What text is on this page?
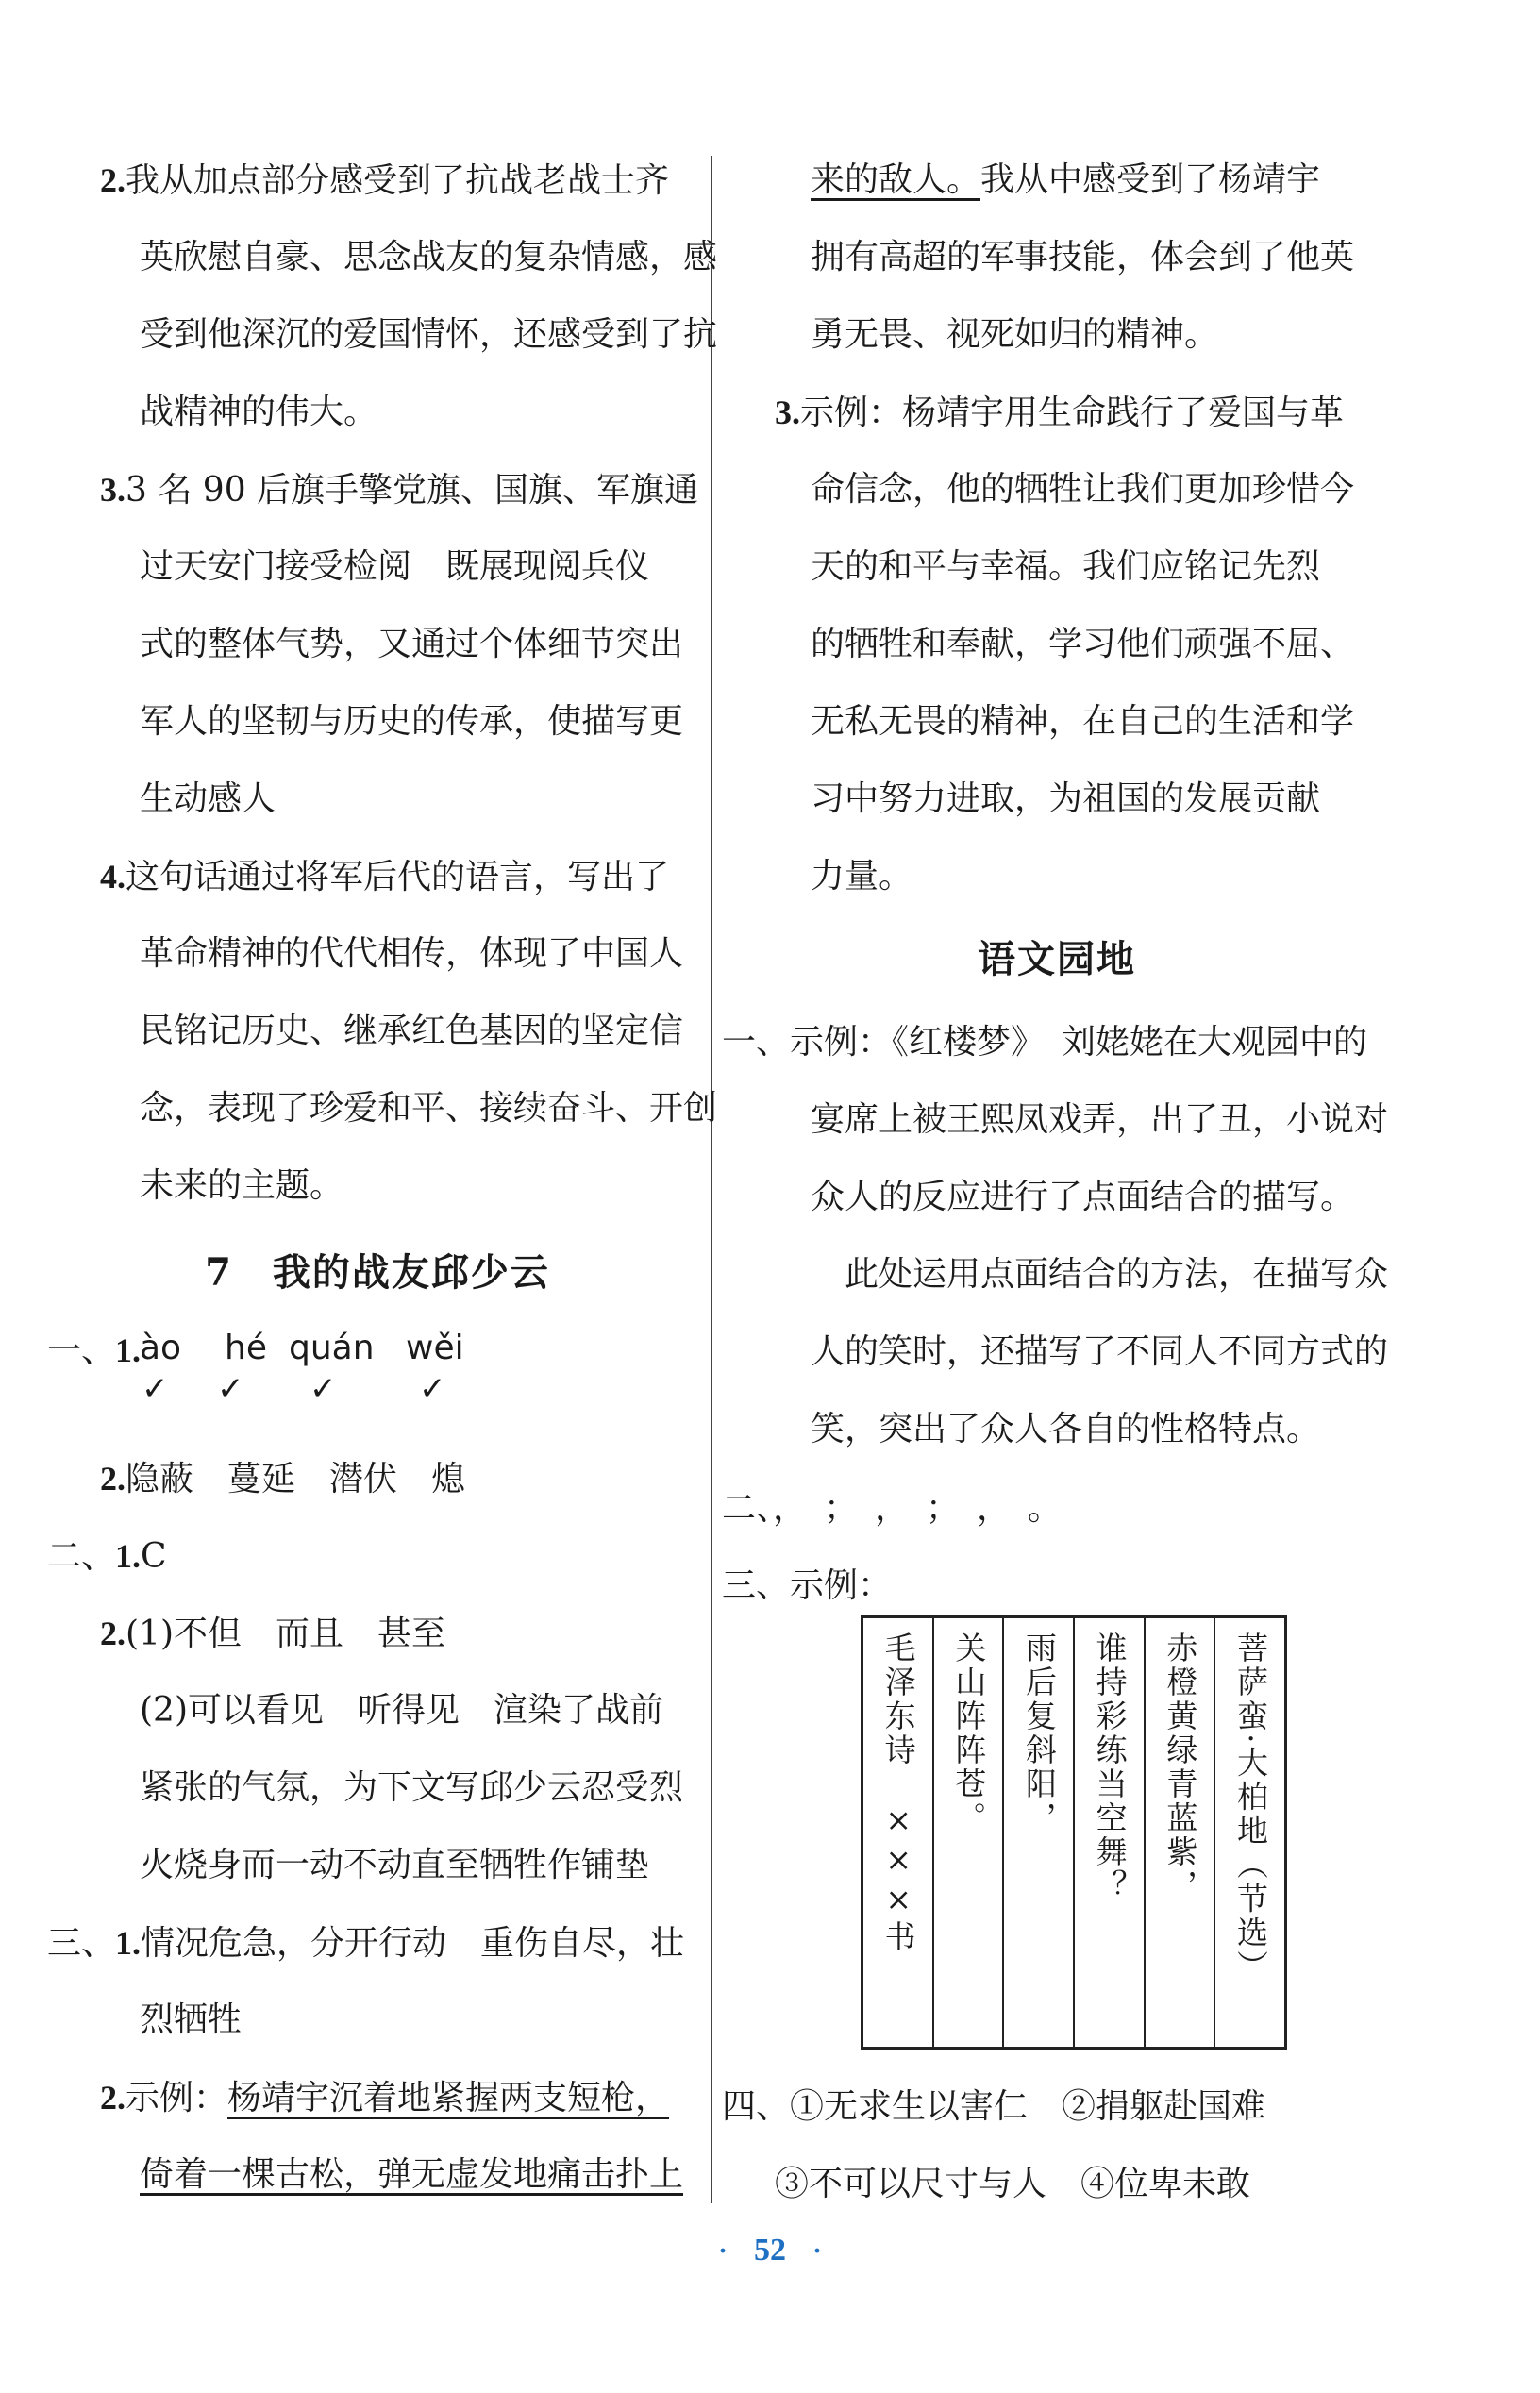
2.我从加点部分感受到了抗战老战士齐
英欣慰自豪、思念战友的复杂情感，感
受到他深沉的爱国情怀，还感受到了抗
战精神的伟大。
3.3 名 90 后旗手擎党旗、国旗、军旗通
过天安门接受检阅　既展现阅兵仪
式的整体气势，又通过个体细节突出
军人的坚韧与历史的传承，使描写更
生动感人
4.这句话通过将军后代的语言，写出了
革命精神的代代相传，体现了中国人
民铭记历史、继承红色基因的坚定信
念，表现了珍爱和平、接续奋斗、开创
未来的主题。
7　我的战友邱少云
一、1.
ào hé quán wěi
✓ ✓ ✓	✓
2.隐蔽　蔓延　潜伏　熄
二、1.C
2.(1)不但　而且　甚至
(2)可以看见　听得见　渲染了战前
紧张的气氛，为下文写邱少云忍受烈
火烧身而一动不动直至牺牲作铺垫
三、1.情况危急，分开行动　重伤自尽，壮
烈牺牲
2.示例：杨靖宇沉着地紧握两支短枪，
倚着一棵古松，弹无虚发地痛击扑上
来的敌人。我从中感受到了杨靖宇
拥有高超的军事技能，体会到了他英
勇无畏、视死如归的精神。
3.示例：杨靖宇用生命践行了爱国与革
命信念，他的牺牲让我们更加珍惜今
天的和平与幸福。我们应铭记先烈
的牺牲和奉献，学习他们顽强不屈、
无私无畏的精神，在自己的生活和学
习中努力进取，为祖国的发展贡献
力量。
语文园地
一、示例：《红楼梦》　刘姥姥在大观园中的
宴席上被王熙凤戏弄，出了丑，小说对
众人的反应进行了点面结合的描写。
此处运用点面结合的方法，在描写众
人的笑时，还描写了不同人不同方式的
笑，突出了众人各自的性格特点。
二、，　；　，　；　，　。
三、示例：
四、①无求生以害仁　②捐躯赴国难
③不可以尺寸与人　④位卑未敢
菩萨蛮·大柏地（节选）
赤橙黄绿青蓝紫，
谁持彩练当空舞？
雨后复斜阳，
关山阵阵苍。
毛泽东诗　×××书
· 52 ·
